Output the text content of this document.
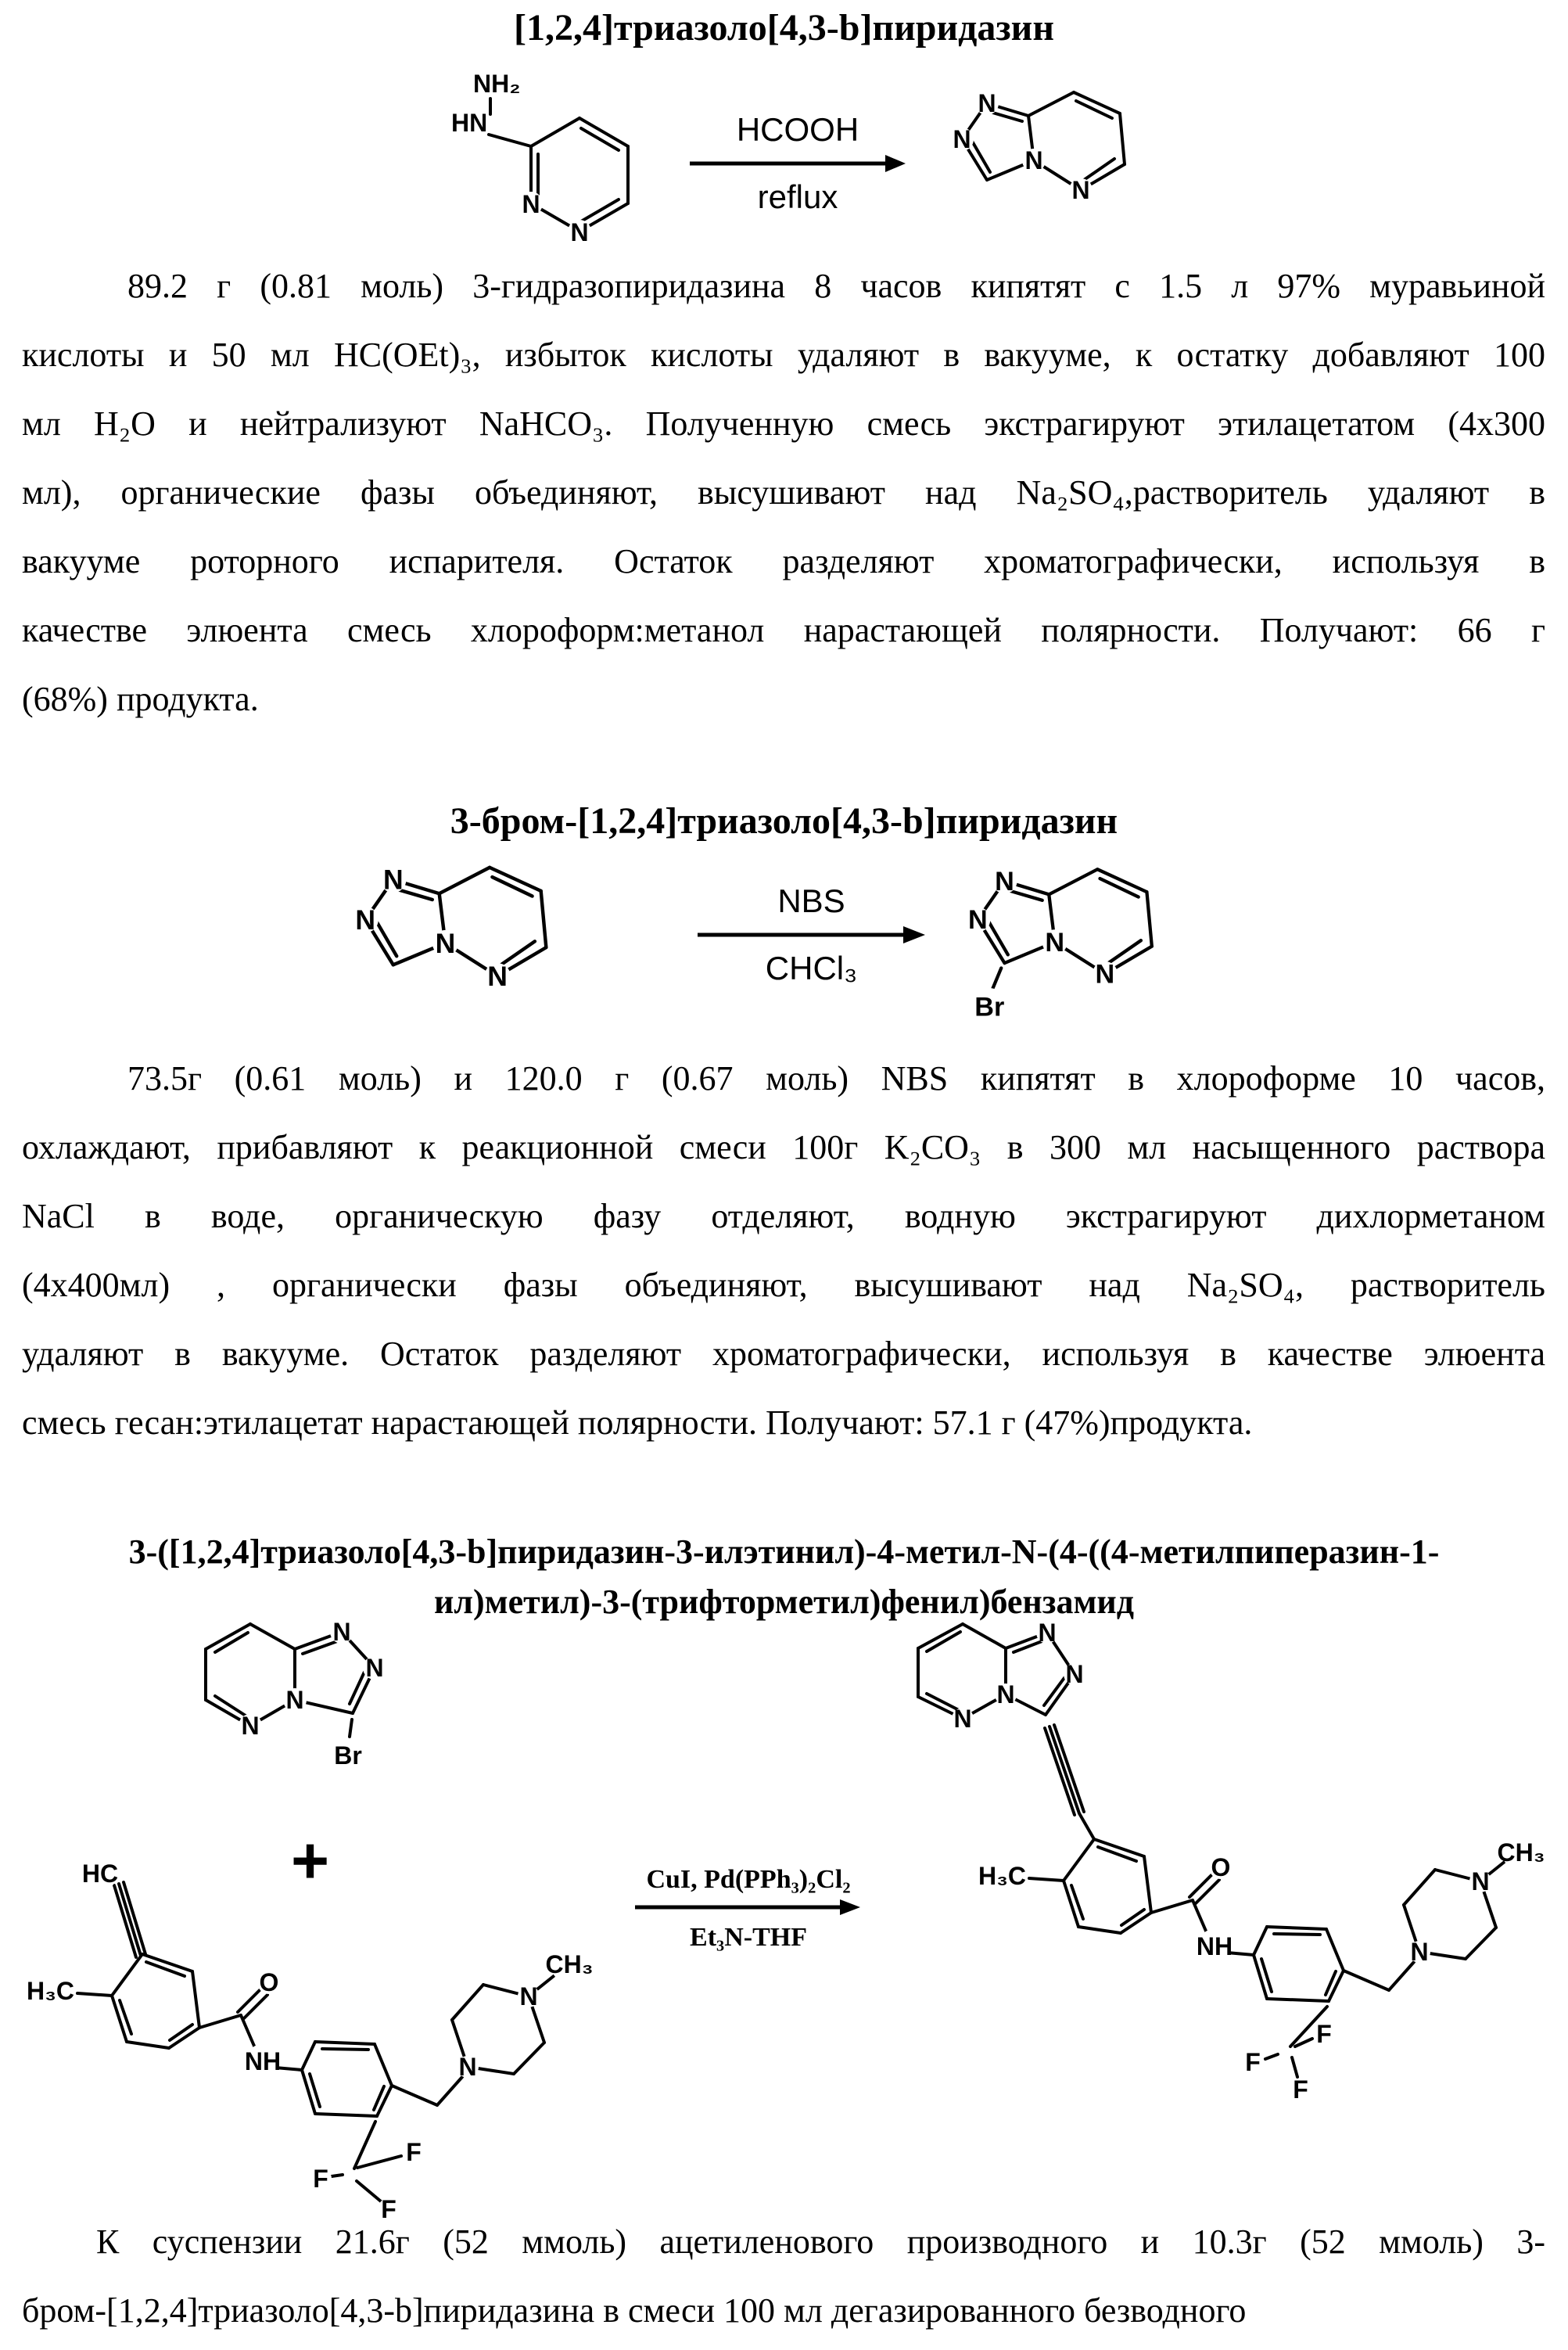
[1,2,4]триазоло[4,3-b]пиридазин
NH₂
HN
N
N
HCOOH
reflux
N
N
N
N
89.2 г (0.81 моль) 3-гидразопиридазина 8 часов кипятят с 1.5 л 97% муравьиной
кислоты и 50 мл HC(OEt)₃, избыток кислоты удаляют в вакууме, к остатку добавляют 100
мл H₂O и нейтрализуют NaHCO₃. Полученную смесь экстрагируют этилацетатом (4x300
мл), органические фазы объединяют, высушивают над Na₂SO₄,растворитель удаляют в
вакууме роторного испарителя. Остаток разделяют хроматографически, используя в
качестве элюента смесь хлороформ:метанол нарастающей полярности. Получают: 66 г
(68%) продукта.
3-бром-[1,2,4]триазоло[4,3-b]пиридазин
N
N
N
N
NBS
CHCl₃
N
N
N
N
Br
73.5г (0.61 моль) и 120.0 г (0.67 моль) NBS кипятят в хлороформе 10 часов,
охлаждают, прибавляют к реакционной смеси 100г K₂CO₃ в 300 мл насыщенного раствора
NaCl в воде, органическую фазу отделяют, водную экстрагируют дихлорметаном
(4х400мл) , органически фазы объединяют, высушивают над Na₂SO₄, растворитель
удаляют в вакууме. Остаток разделяют хроматографически, используя в качестве элюента
смесь гесан:этилацетат нарастающей полярности. Получают: 57.1 г (47%)продукта.
3-([1,2,4]триазоло[4,3-b]пиридазин-3-илэтинил)-4-метил-N-(4-((4-метилпиперазин-1-
ил)метил)-3-(трифторметил)фенил)бензамид
N
N
N
N
Br
+
HC
H₃C	O
NH
F
F
F
N
N
CH₃
CuI, Pd(PPh₃)₂Cl₂
Et₃N-THF
N
N
N
N
H₃C	O
NH
F
F
F
N
N
CH₃
К суспензии 21.6г (52 ммоль) ацетиленового производного и 10.3г (52 ммоль) 3-
бром-[1,2,4]триазоло[4,3-b]пиридазина в смеси 100 мл дегазированного безводного
